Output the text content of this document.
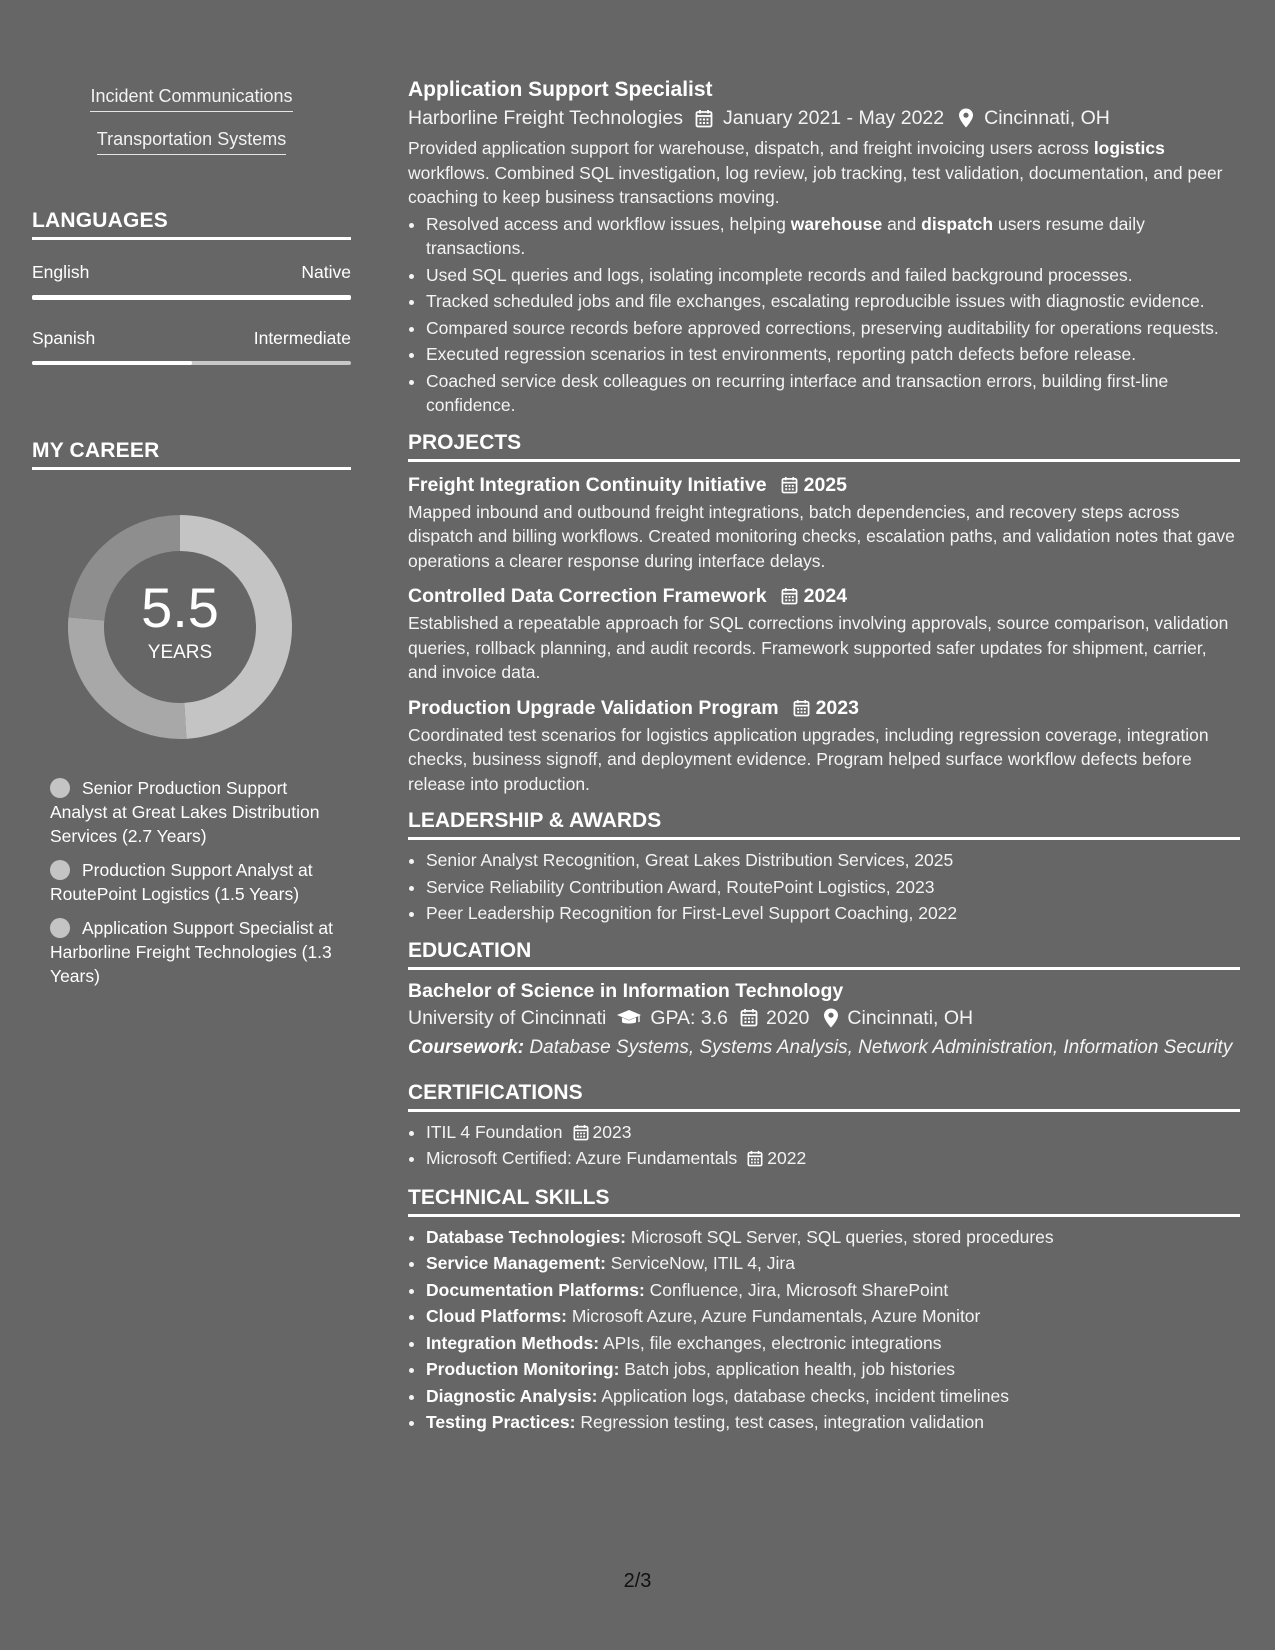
Incident Communications
Transportation Systems
LANGUAGES
English	Native
Spanish	Intermediate
MY CAREER
5.5
YEARS
Senior Production Support Analyst at Great Lakes Distribution Services (2.7 Years)
Production Support Analyst at RoutePoint Logistics (1.5 Years)
Application Support Specialist at Harborline Freight Technologies (1.3 Years)
Application Support Specialist
Harborline Freight Technologies January 2021 - May 2022 Cincinnati, OH
Provided application support for warehouse, dispatch, and freight invoicing users across logistics workflows. Combined SQL investigation, log review, job tracking, test validation, documentation, and peer coaching to keep business transactions moving.
• Resolved access and workflow issues, helping warehouse and dispatch users resume daily transactions.
• Used SQL queries and logs, isolating incomplete records and failed background processes.
• Tracked scheduled jobs and file exchanges, escalating reproducible issues with diagnostic evidence.
• Compared source records before approved corrections, preserving auditability for operations requests.
• Executed regression scenarios in test environments, reporting patch defects before release.
• Coached service desk colleagues on recurring interface and transaction errors, building first-line confidence.
PROJECTS
Freight Integration Continuity Initiative 2025
Mapped inbound and outbound freight integrations, batch dependencies, and recovery steps across dispatch and billing workflows. Created monitoring checks, escalation paths, and validation notes that gave operations a clearer response during interface delays.
Controlled Data Correction Framework 2024
Established a repeatable approach for SQL corrections involving approvals, source comparison, validation queries, rollback planning, and audit records. Framework supported safer updates for shipment, carrier, and invoice data.
Production Upgrade Validation Program 2023
Coordinated test scenarios for logistics application upgrades, including regression coverage, integration checks, business signoff, and deployment evidence. Program helped surface workflow defects before release into production.
LEADERSHIP & AWARDS
• Senior Analyst Recognition, Great Lakes Distribution Services, 2025
• Service Reliability Contribution Award, RoutePoint Logistics, 2023
• Peer Leadership Recognition for First-Level Support Coaching, 2022
EDUCATION
Bachelor of Science in Information Technology
University of Cincinnati GPA: 3.6 2020 Cincinnati, OH
Coursework: Database Systems, Systems Analysis, Network Administration, Information Security
CERTIFICATIONS
• ITIL 4 Foundation 2023
• Microsoft Certified: Azure Fundamentals 2022
TECHNICAL SKILLS
• Database Technologies: Microsoft SQL Server, SQL queries, stored procedures
• Service Management: ServiceNow, ITIL 4, Jira
• Documentation Platforms: Confluence, Jira, Microsoft SharePoint
• Cloud Platforms: Microsoft Azure, Azure Fundamentals, Azure Monitor
• Integration Methods: APIs, file exchanges, electronic integrations
• Production Monitoring: Batch jobs, application health, job histories
• Diagnostic Analysis: Application logs, database checks, incident timelines
• Testing Practices: Regression testing, test cases, integration validation
2/3
